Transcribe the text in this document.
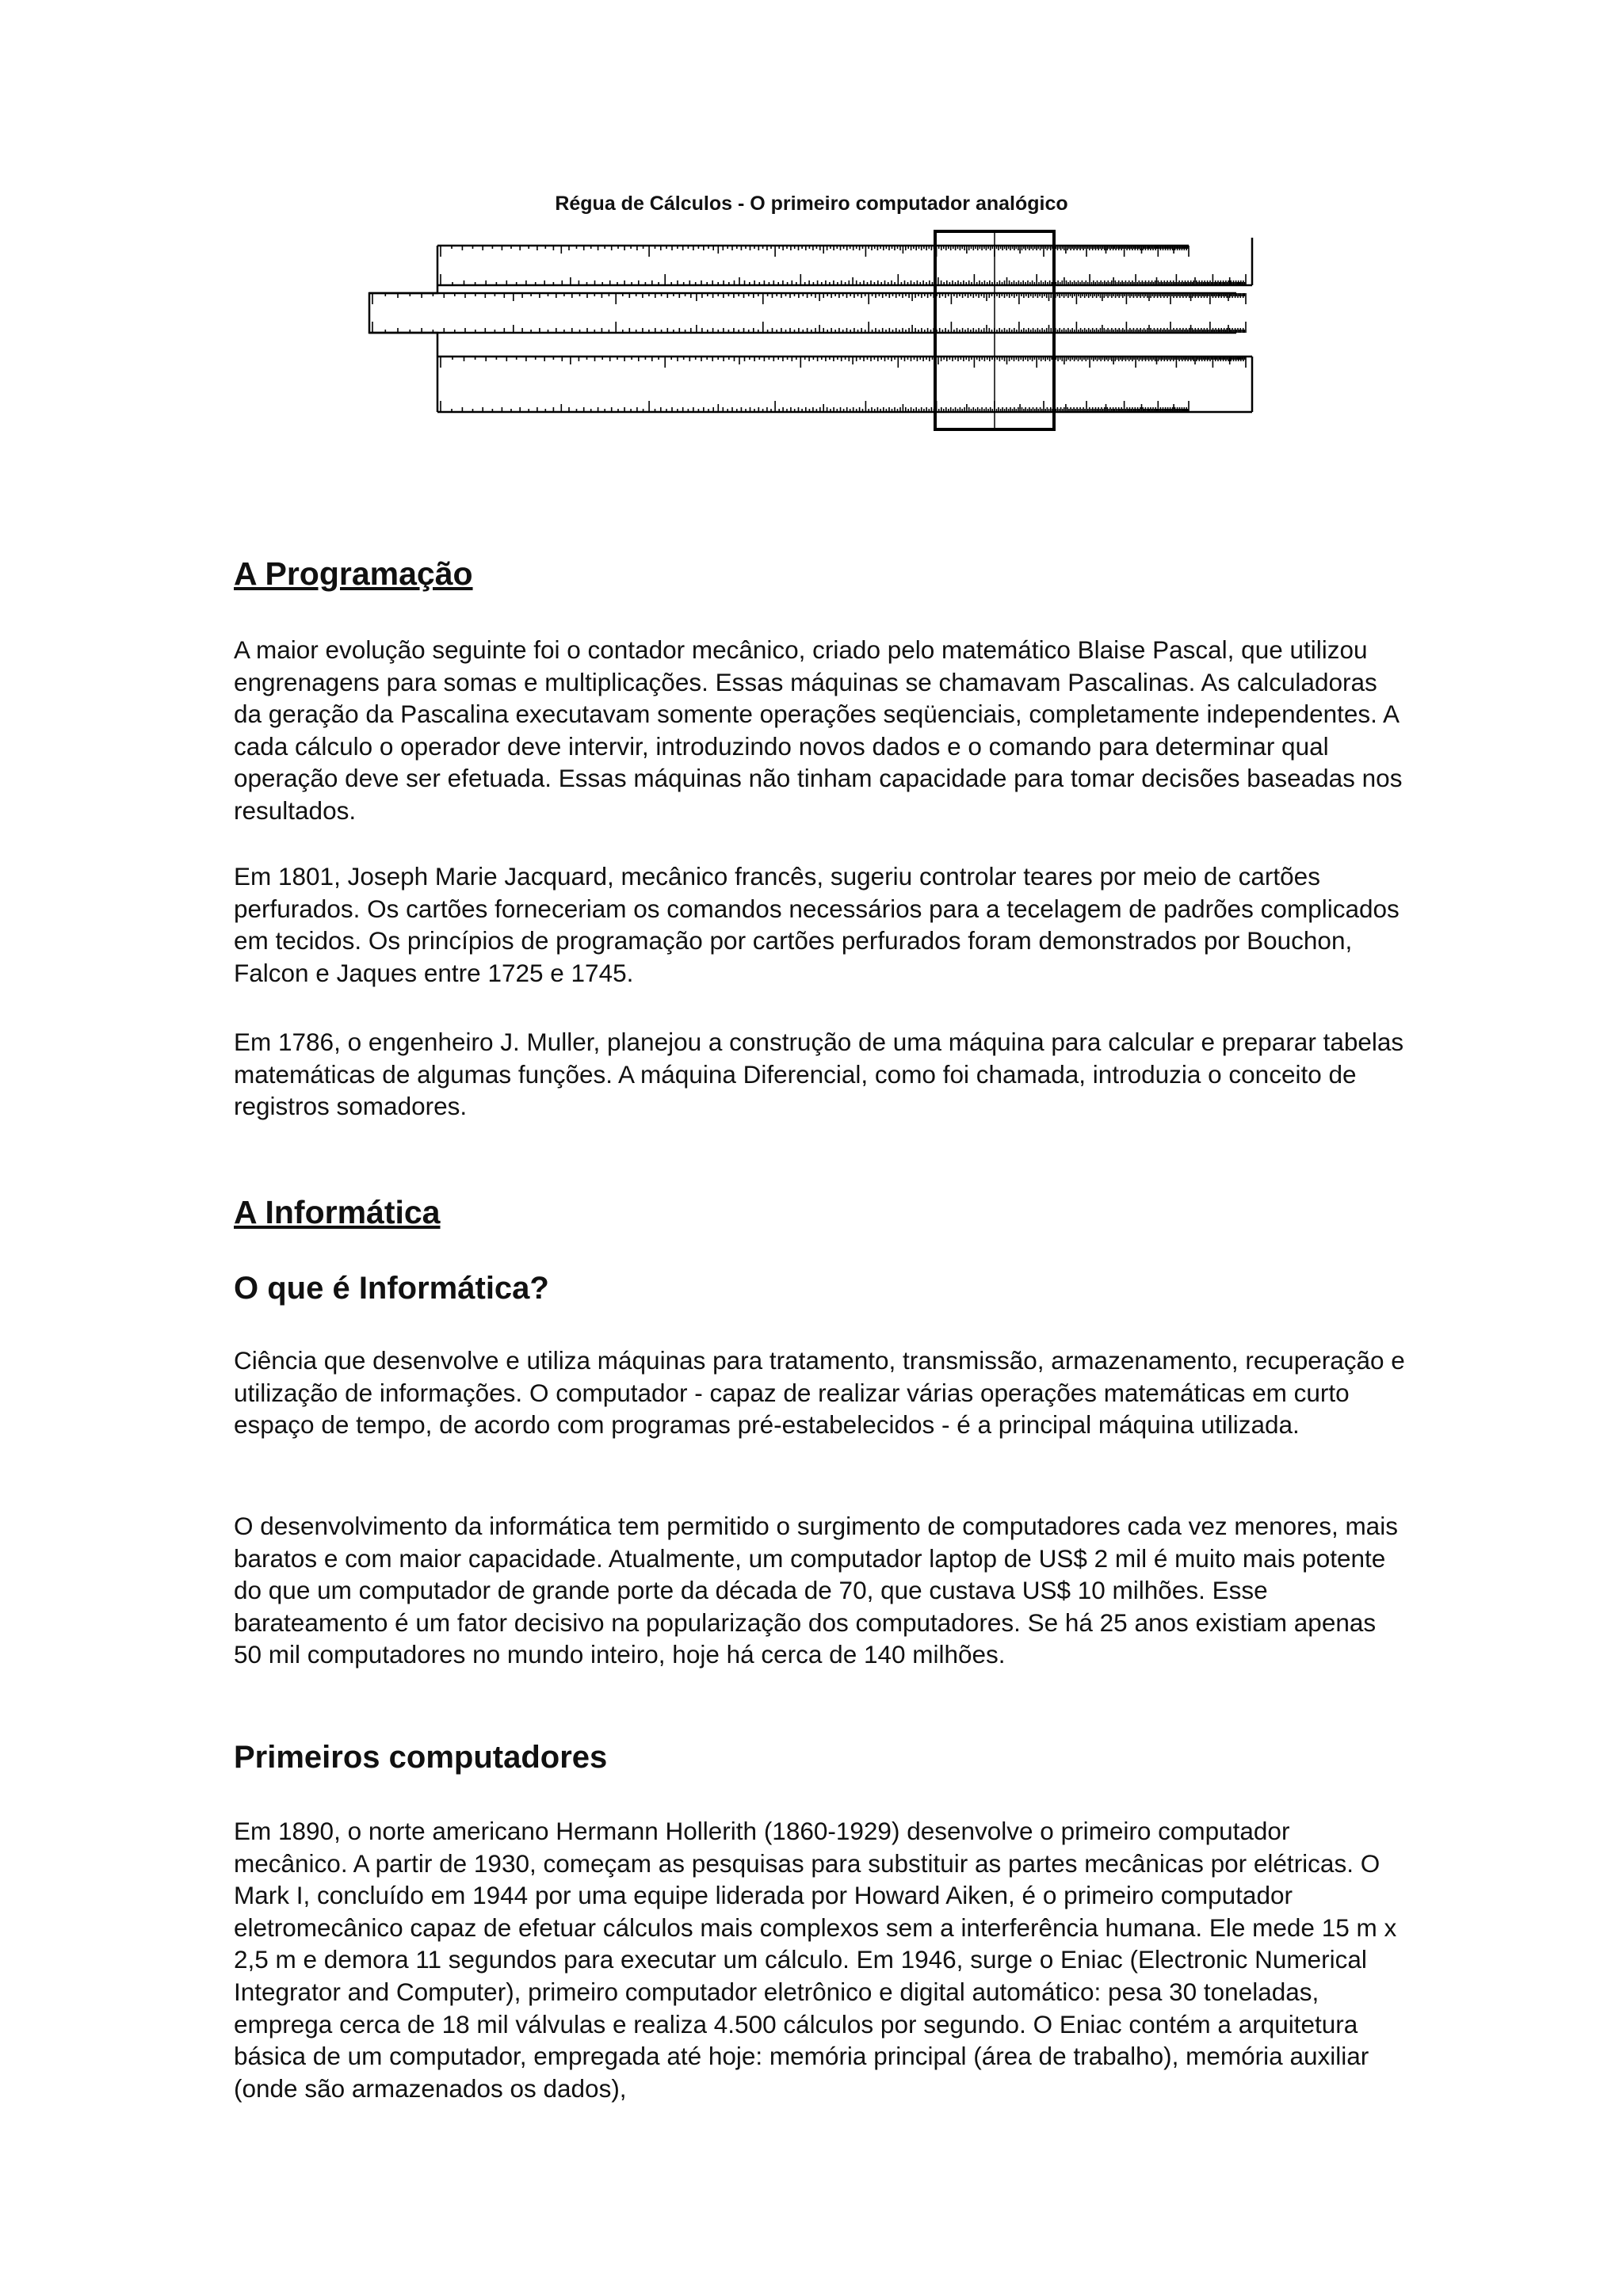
Régua de Cálculos - O primeiro computador analógico
A Programação

A maior evolução seguinte foi o contador mecânico, criado pelo matemático Blaise Pascal, que utilizou engrenagens para somas e multiplicações. Essas máquinas se chamavam Pascalinas. As calculadoras da geração da Pascalina executavam somente operações seqüenciais, completamente independentes. A cada cálculo o operador deve intervir, introduzindo novos dados e o comando para determinar qual operação deve ser efetuada. Essas máquinas não tinham capacidade para tomar decisões baseadas nos resultados.

Em 1801, Joseph Marie Jacquard, mecânico francês, sugeriu controlar teares por meio de cartões perfurados. Os cartões forneceriam os comandos necessários para a tecelagem de padrões complicados em tecidos. Os princípios de programação por cartões perfurados foram demonstrados por Bouchon, Falcon e Jaques entre 1725 e 1745.

Em 1786, o engenheiro J. Muller, planejou a construção de uma máquina para calcular e preparar tabelas matemáticas de algumas funções. A máquina Diferencial, como foi chamada, introduzia o conceito de registros somadores.

A Informática
O que é Informática?

Ciência que desenvolve e utiliza máquinas para tratamento, transmissão, armazenamento, recuperação e utilização de informações. O computador - capaz de realizar várias operações matemáticas em curto espaço de tempo, de acordo com programas pré-estabelecidos - é a principal máquina utilizada.

O desenvolvimento da informática tem permitido o surgimento de computadores cada vez menores, mais baratos e com maior capacidade. Atualmente, um computador laptop de US$ 2 mil é muito mais potente do que um computador de grande porte da década de 70, que custava US$ 10 milhões. Esse barateamento é um fator decisivo na popularização dos computadores. Se há 25 anos existiam apenas 50 mil computadores no mundo inteiro, hoje há cerca de 140 milhões.

Primeiros computadores

Em 1890, o norte americano Hermann Hollerith (1860-1929) desenvolve o primeiro computador mecânico. A partir de 1930, começam as pesquisas para substituir as partes mecânicas por elétricas. O Mark I, concluído em 1944 por uma equipe liderada por Howard Aiken, é o primeiro computador eletromecânico capaz de efetuar cálculos mais complexos sem a interferência humana. Ele mede 15 m x 2,5 m e demora 11 segundos para executar um cálculo. Em 1946, surge o Eniac (Electronic Numerical Integrator and Computer), primeiro computador eletrônico e digital automático: pesa 30 toneladas, emprega cerca de 18 mil válvulas e realiza 4.500 cálculos por segundo. O Eniac contém a arquitetura básica de um computador, empregada até hoje: memória principal (área de trabalho), memória auxiliar (onde são armazenados os dados),
